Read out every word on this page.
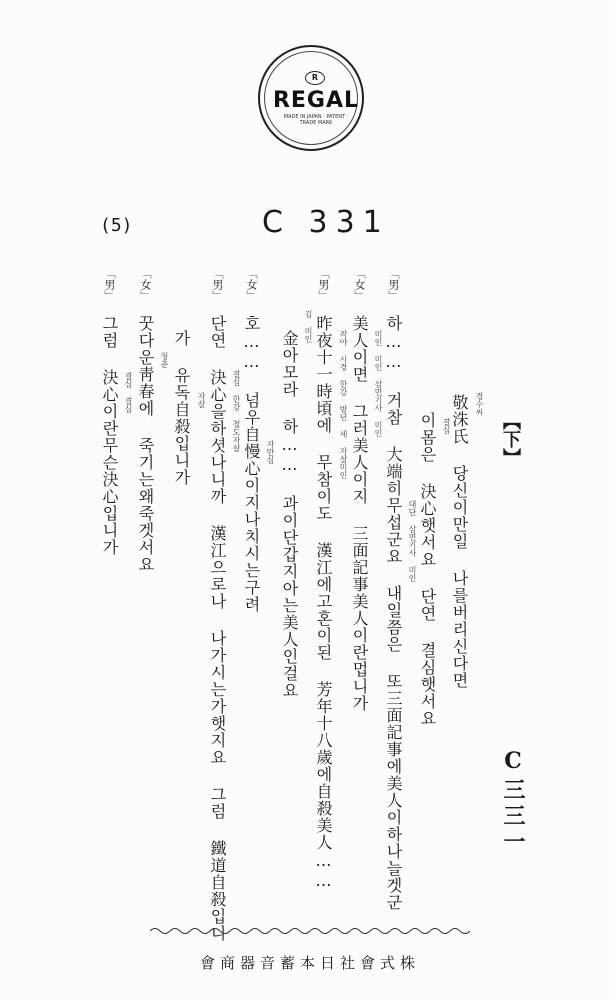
R
REGAL
MADE IN JAPAN · PATENT · TRADE MARK
(5)	C 331
敬洙氏 당신이만일 나를버리신다면 경수씨
이몸은 決心햇서요 단연 결심햇서요 결심
「男」
하…… 거참 大端히무섭군요 내일쯤은 또三面記事에美人이하나늘겟군 대단 삼면기사 미인
「女」
美人이면 그러美人이지 三面記事美人이란멉니가 미인 미인 삼면기사 미인
「男」
昨夜十一時頃에 무참이도 漢江에고혼이된 芳年十八歲에自殺美人…… 작야 시경 한강 방년 세 자살미인
金아모라 하…… 과이단갑지아는美人인걸요
김 미인
「女」
호…… 넘우自慢心이지나치시는구려 자만심
「男」
단연 決心을하셧나니까 漢江으로나 나가시는가햇지요 그럼 鐵道自殺입니 결심 한강 철도자살
가 유독自殺입니가 자살
「女」
꿋다운靑春에 죽기는왜죽겟서요 청춘
「男」
그럼 決心이란무슨決心입니가 결심 결심
【下】
C三三一
會商器音蓄本日社會式株
